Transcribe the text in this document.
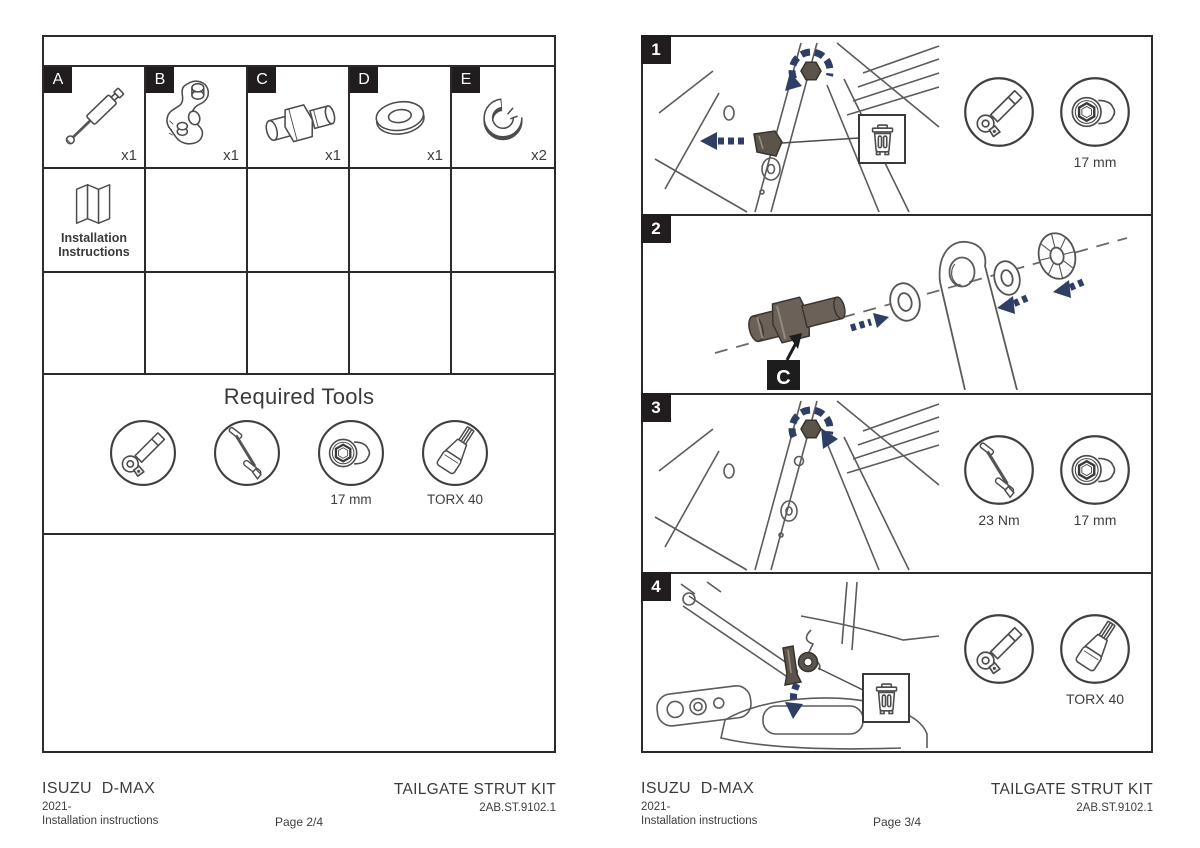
A
x1
B
x1
C
x1
D
x1
E
x2
Installation
Instructions
Required Tools
17 mm	TORX 40
1
17 mm
2
C
3
23 Nm	17 mm
4
TORX 40
ISUZU  D-MAX
2021-
Installation instructions	Page 2/4
TAILGATE STRUT KIT
2AB.ST.9102.1
ISUZU  D-MAX
2021-
Installation instructions	Page 3/4
TAILGATE STRUT KIT
2AB.ST.9102.1
